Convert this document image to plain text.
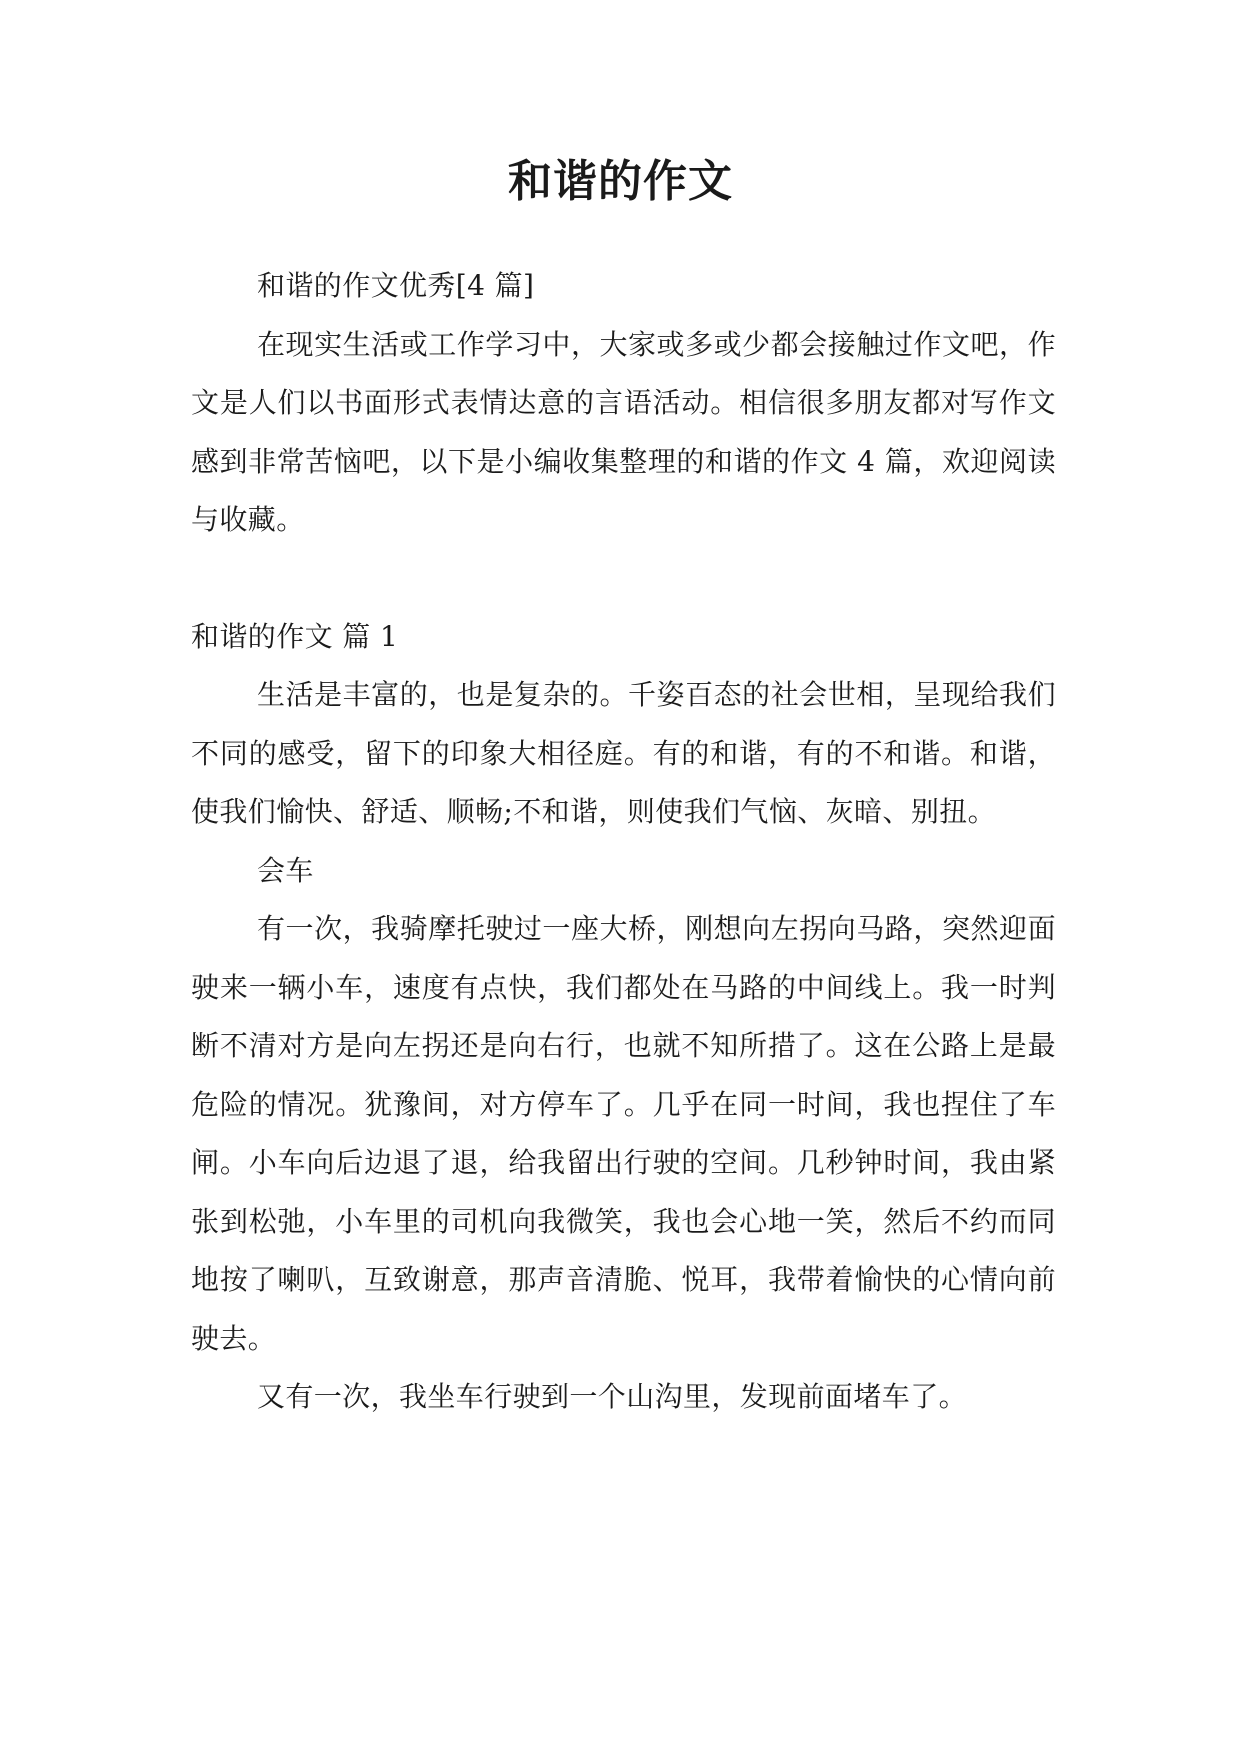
和谐的作文

和谐的作文优秀[4 篇]

在现实生活或工作学习中，大家或多或少都会接触过作文吧，作文是人们以书面形式表情达意的言语活动。相信很多朋友都对写作文感到非常苦恼吧，以下是小编收集整理的和谐的作文 4 篇，欢迎阅读与收藏。

和谐的作文 篇 1

生活是丰富的，也是复杂的。千姿百态的社会世相，呈现给我们不同的感受，留下的印象大相径庭。有的和谐，有的不和谐。和谐，使我们愉快、舒适、顺畅;不和谐，则使我们气恼、灰暗、别扭。

会车

有一次，我骑摩托驶过一座大桥，刚想向左拐向马路，突然迎面驶来一辆小车，速度有点快，我们都处在马路的中间线上。我一时判断不清对方是向左拐还是向右行，也就不知所措了。这在公路上是最危险的情况。犹豫间，对方停车了。几乎在同一时间，我也捏住了车闸。小车向后边退了退，给我留出行驶的空间。几秒钟时间，我由紧张到松弛，小车里的司机向我微笑，我也会心地一笑，然后不约而同地按了喇叭，互致谢意，那声音清脆、悦耳，我带着愉快的心情向前驶去。

又有一次，我坐车行驶到一个山沟里，发现前面堵车了。
